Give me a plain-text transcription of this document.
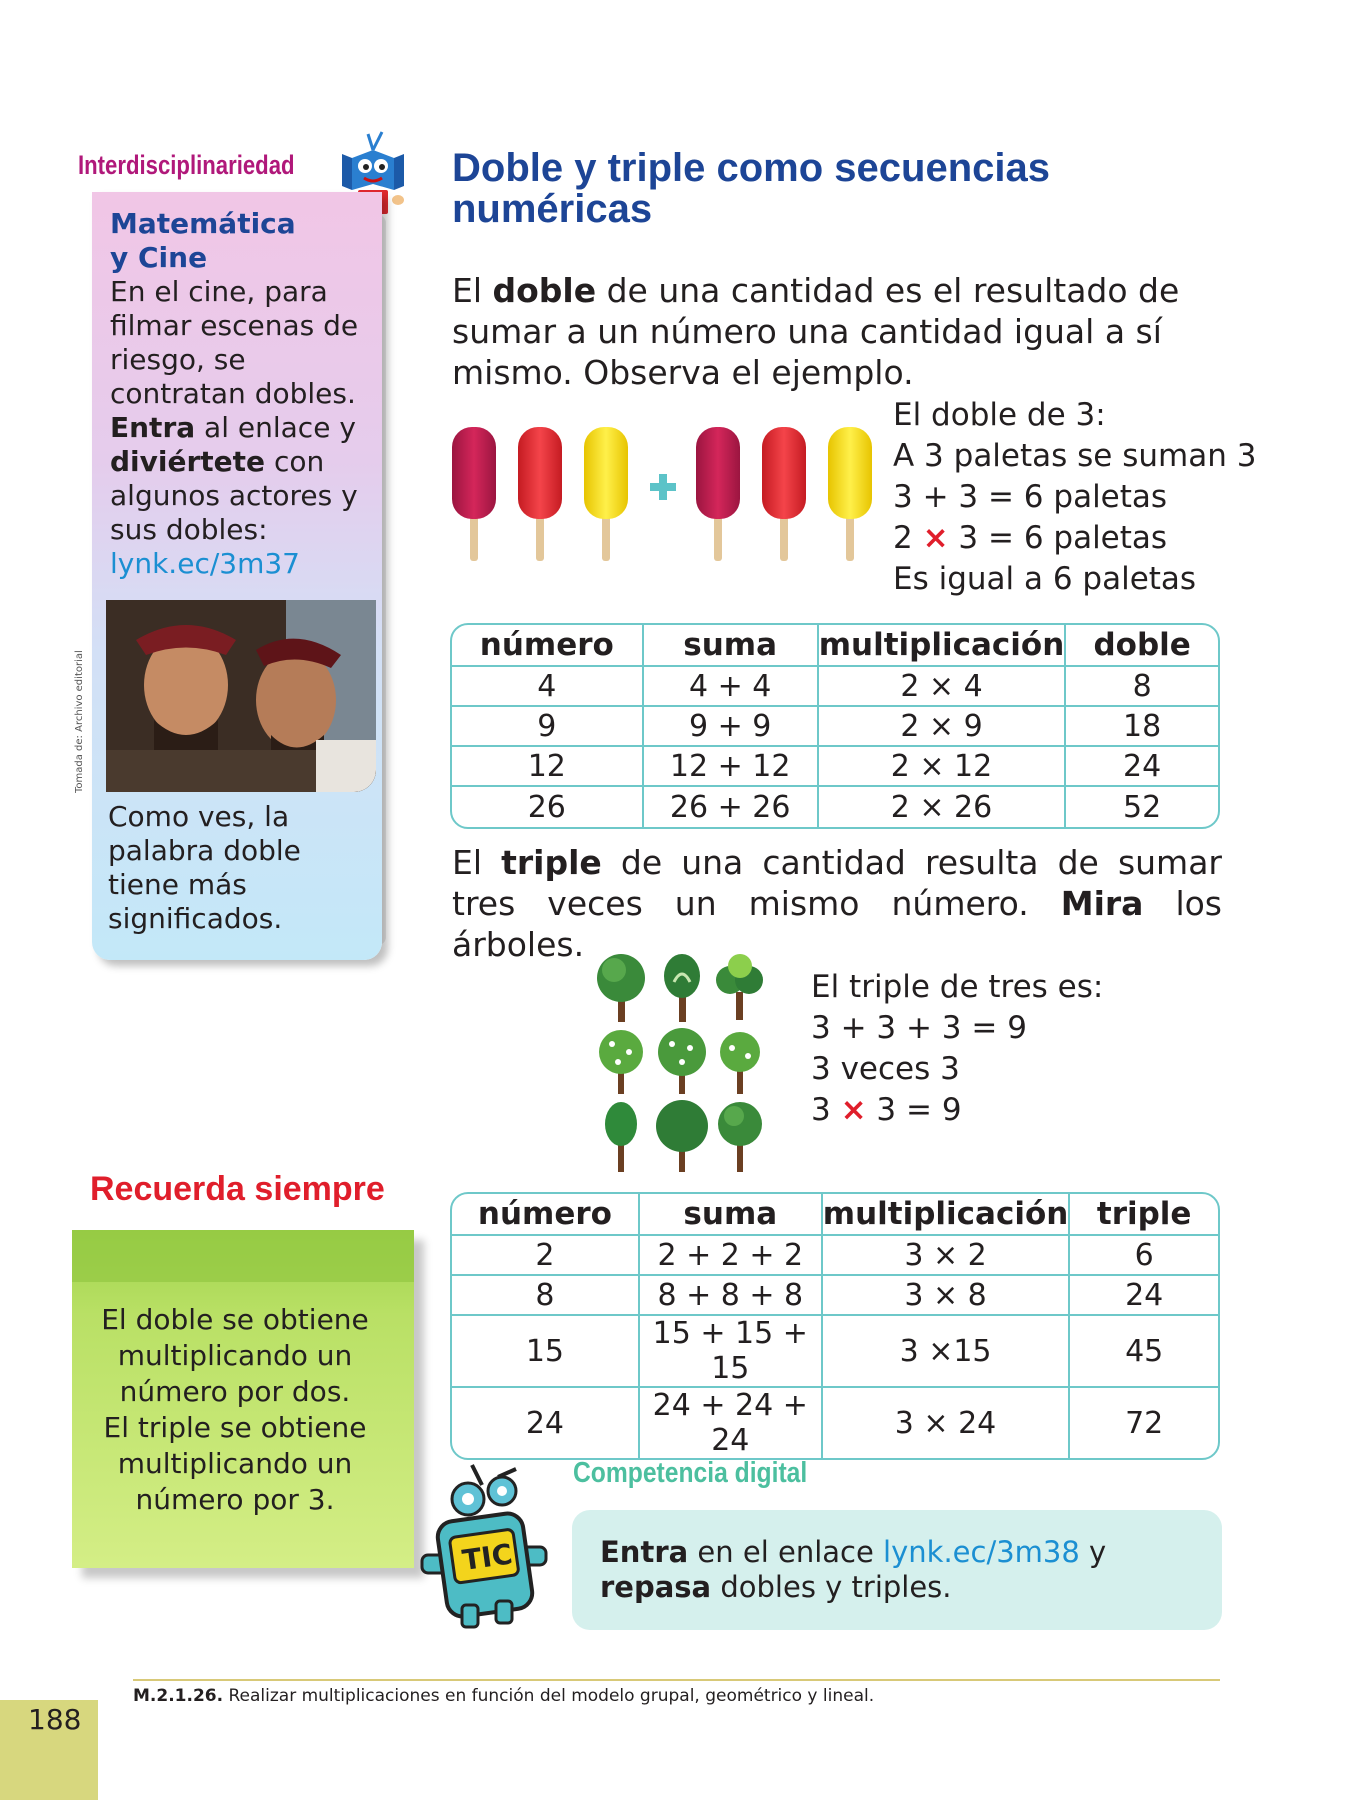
Interdisciplinariedad
Matemática
y Cine
En el cine, para filmar escenas de riesgo, se contratan dobles. Entra al enlace y diviértete con algunos actores y sus dobles:
lynk.ec/3m37
Tomada de: Archivo editorial
Como ves, la palabra doble tiene más significados.
Recuerda siempre
El doble se obtiene multiplicando un número por dos.
El triple se obtiene multiplicando un número por 3.
Doble y triple como secuencias numéricas
El doble de una cantidad es el resultado de sumar a un número una cantidad igual a sí mismo. Observa el ejemplo.
El doble de 3:
A 3 paletas se suman 3
3 + 3 = 6 paletas
2 × 3 = 6 paletas
Es igual a 6 paletas
número	suma	multiplicación	doble
4	4 + 4	2 × 4	8
9	9 + 9	2 × 9	18
12	12 + 12	2 × 12	24
26	26 + 26	2 × 26	52
El triple de una cantidad resulta de sumar tres veces un mismo número. Mira los árboles.
El triple de tres es:
3 + 3 + 3 = 9
3 veces 3
3 × 3 = 9
número	suma	multiplicación	triple
2	2 + 2 + 2	3 × 2	6
8	8 + 8 + 8	3 × 8	24
15	15 + 15 + 15	3 ×15	45
24	24 + 24 + 24	3 × 24	72
TIC
Competencia digital
Entra en el enlace lynk.ec/3m38 y repasa dobles y triples.
M.2.1.26. Realizar multiplicaciones en función del modelo grupal, geométrico y lineal.
188
